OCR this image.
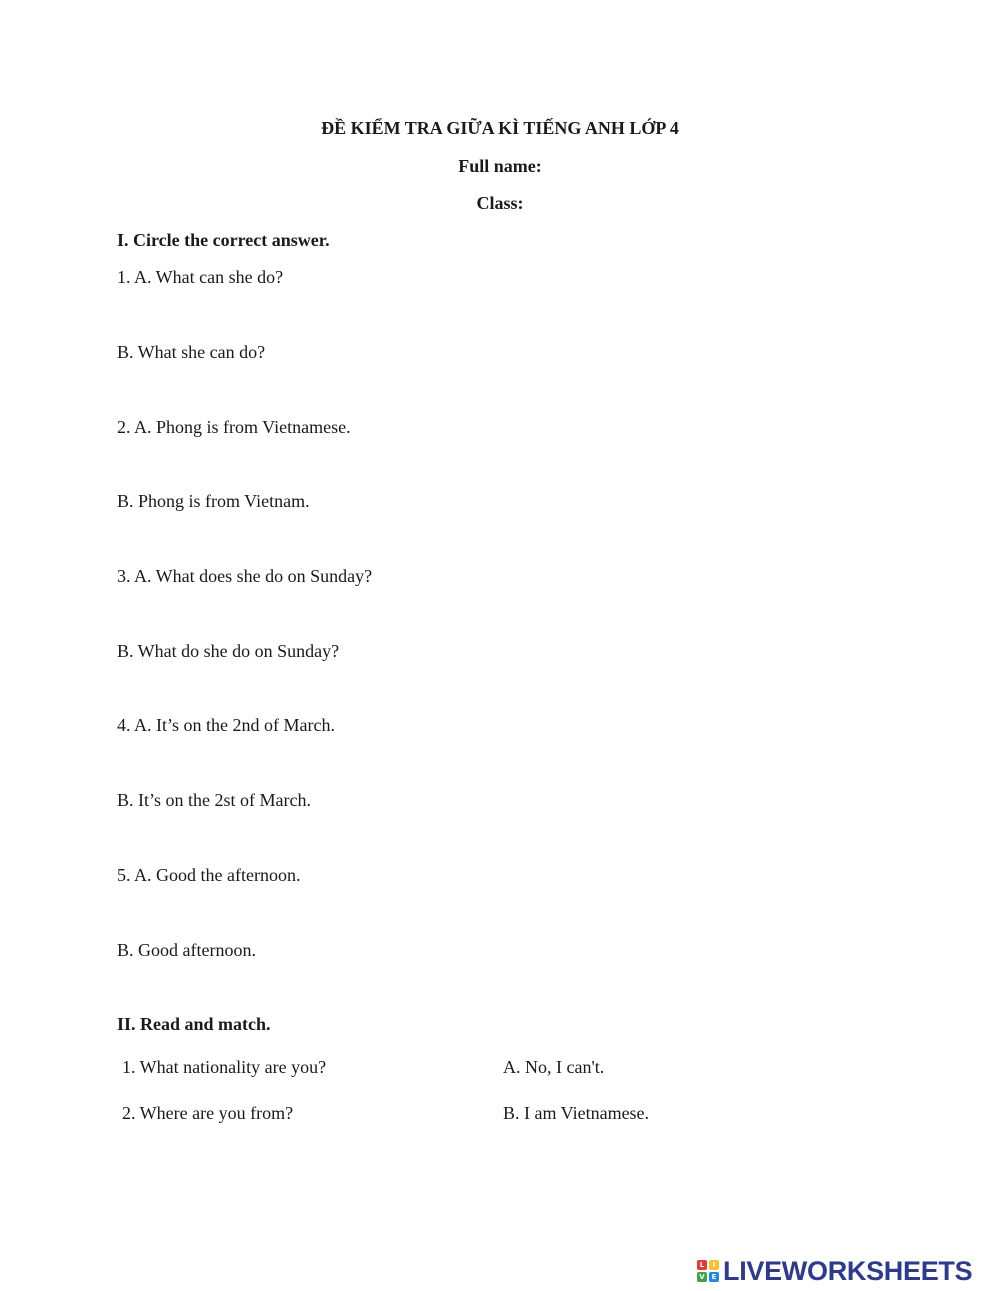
ĐỀ KIỂM TRA GIỮA KÌ TIẾNG ANH LỚP 4
Full name:
Class:
I. Circle the correct answer.
1. A. What can she do?
B. What she can do?
2. A. Phong is from Vietnamese.
B. Phong is from Vietnam.
3. A. What does she do on Sunday?
B. What do she do on Sunday?
4. A. It’s on the 2nd of March.
B. It’s on the 2st of March.
5. A. Good the afternoon.
B. Good afternoon.
II. Read and match.
1. What nationality are you?	A. No, I can't.
2. Where are you from?	B. I am Vietnamese.
L	I
V E LIVEWORKSHEETS
